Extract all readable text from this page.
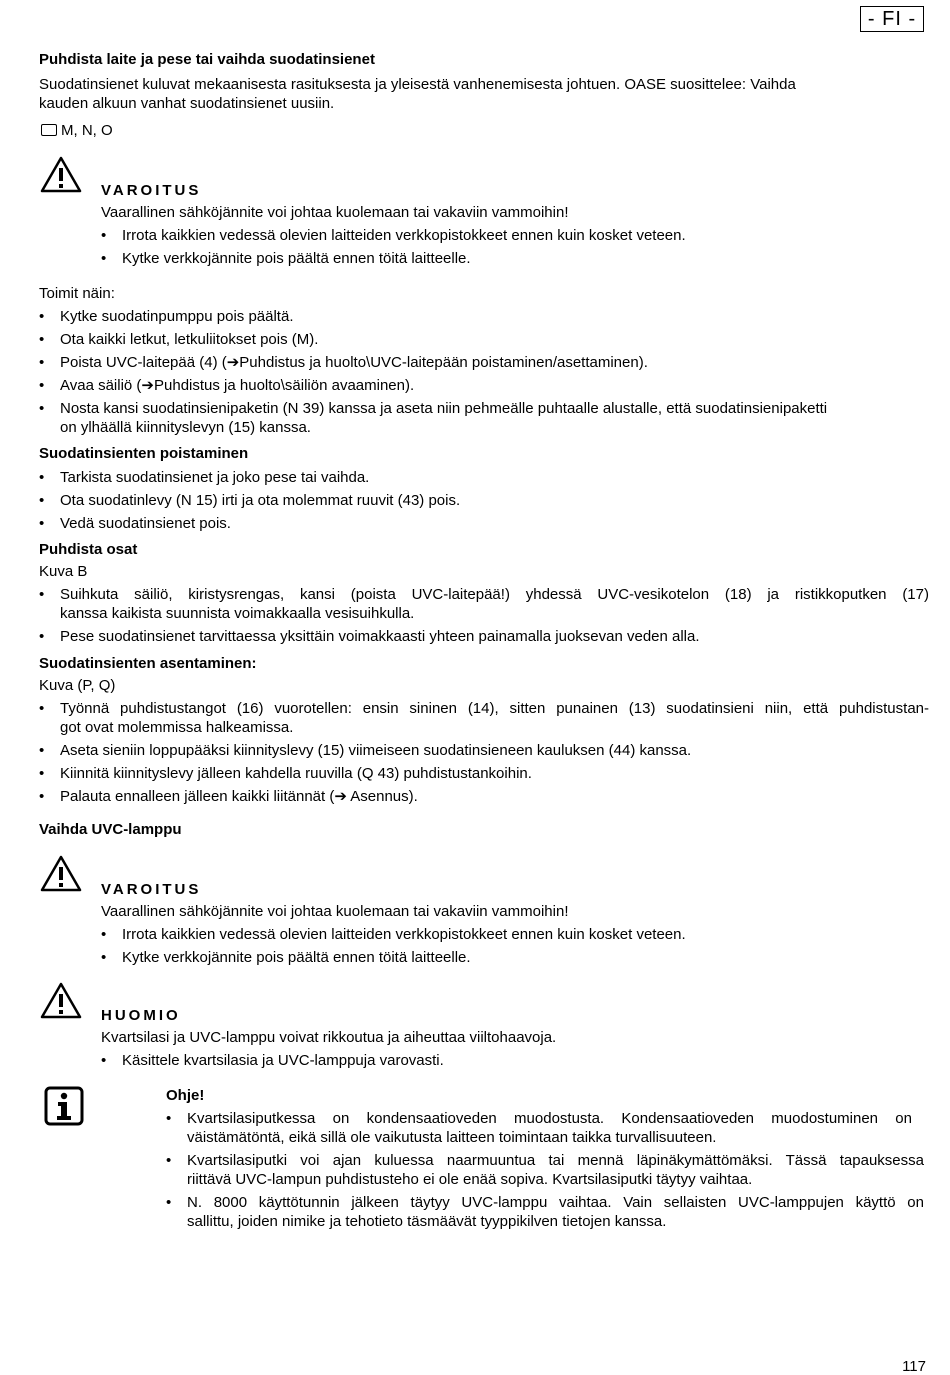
- FI -
Puhdista laite ja pese tai vaihda suodatinsienet
Suodatinsienet kuluvat mekaanisesta rasituksesta ja yleisestä vanhenemisesta johtuen. OASE suosittelee: Vaihda
kauden alkuun vanhat suodatinsienet uusiin.
M, N, O
VAROITUS
Vaarallinen sähköjännite voi johtaa kuolemaan tai vakaviin vammoihin!
• Irrota kaikkien vedessä olevien laitteiden verkkopistokkeet ennen kuin kosket veteen.
• Kytke verkkojännite pois päältä ennen töitä laitteelle.
Toimit näin:
• Kytke suodatinpumppu pois päältä.
• Ota kaikki letkut, letkuliitokset pois (M).
• Poista UVC-laitepää (4) (➔Puhdistus ja huolto\UVC-laitepään poistaminen/asettaminen).
• Avaa säiliö (➔Puhdistus ja huolto\säiliön avaaminen).
• Nosta kansi suodatinsienipaketin (N 39) kanssa ja aseta niin pehmeälle puhtaalle alustalle, että suodatinsienipaketti
on ylhäällä kiinnityslevyn (15) kanssa.
Suodatinsienten poistaminen
• Tarkista suodatinsienet ja joko pese tai vaihda.
• Ota suodatinlevy (N 15) irti ja ota molemmat ruuvit (43) pois.
• Vedä suodatinsienet pois.
Puhdista osat
Kuva B
• Suihkuta säiliö, kiristysrengas, kansi (poista UVC-laitepää!) yhdessä UVC-vesikotelon (18) ja ristikkoputken (17)
kanssa kaikista suunnista voimakkaalla vesisuihkulla.
• Pese suodatinsienet tarvittaessa yksittäin voimakkaasti yhteen painamalla juoksevan veden alla.
Suodatinsienten asentaminen:
Kuva (P, Q)
• Työnnä puhdistustangot (16) vuorotellen: ensin sininen (14), sitten punainen (13) suodatinsieni niin, että puhdistustan-
got ovat molemmissa halkeamissa.
• Aseta sieniin loppupääksi kiinnityslevy (15) viimeiseen suodatinsieneen kauluksen (44) kanssa.
• Kiinnitä kiinnityslevy jälleen kahdella ruuvilla (Q 43) puhdistustankoihin.
• Palauta ennalleen jälleen kaikki liitännät (➔ Asennus).
Vaihda UVC-lamppu
VAROITUS
Vaarallinen sähköjännite voi johtaa kuolemaan tai vakaviin vammoihin!
• Irrota kaikkien vedessä olevien laitteiden verkkopistokkeet ennen kuin kosket veteen.
• Kytke verkkojännite pois päältä ennen töitä laitteelle.
HUOMIO
Kvartsilasi ja UVC-lamppu voivat rikkoutua ja aiheuttaa viiltohaavoja.
• Käsittele kvartsilasia ja UVC-lamppuja varovasti.
Ohje!
• Kvartsilasiputkessa on kondensaatioveden muodostusta. Kondensaatioveden muodostuminen on
väistämätöntä, eikä sillä ole vaikutusta laitteen toimintaan taikka turvallisuuteen.
• Kvartsilasiputki voi ajan kuluessa naarmuuntua tai mennä läpinäkymättömäksi. Tässä tapauksessa
riittävä UVC-lampun puhdistusteho ei ole enää sopiva. Kvartsilasiputki täytyy vaihtaa.
• N. 8000 käyttötunnin jälkeen täytyy UVC-lamppu vaihtaa. Vain sellaisten UVC-lamppujen käyttö on
sallittu, joiden nimike ja tehotieto täsmäävät tyyppikilven tietojen kanssa.
117
